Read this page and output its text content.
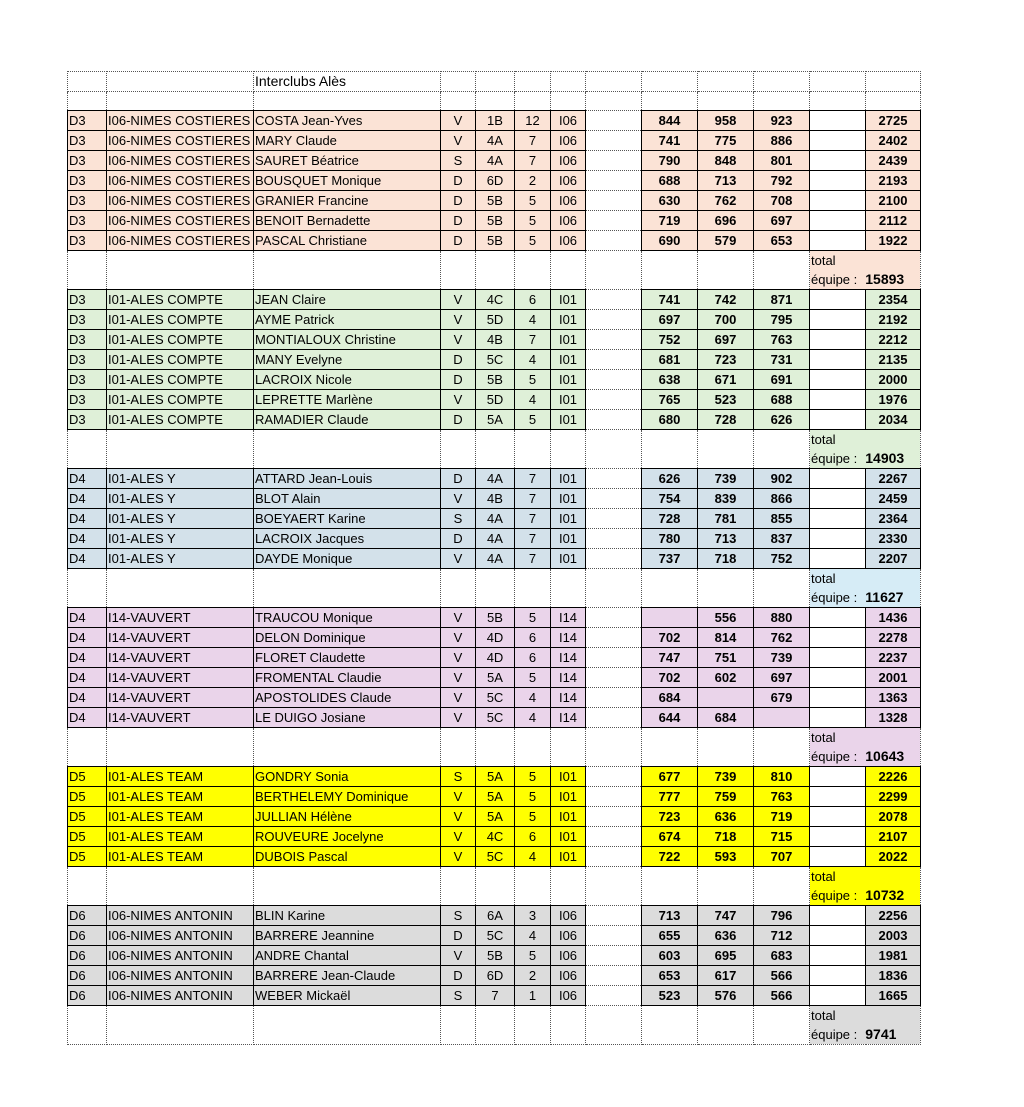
		Interclubs Alès										

D3	I06-NIMES COSTIERES	COSTA Jean-Yves	V	1B	12	I06		844	958	923		2725
D3	I06-NIMES COSTIERES	MARY Claude	V	4A	7	I06		741	775	886		2402
D3	I06-NIMES COSTIERES	SAURET Béatrice	S	4A	7	I06		790	848	801		2439
D3	I06-NIMES COSTIERES	BOUSQUET Monique	D	6D	2	I06		688	713	792		2193
D3	I06-NIMES COSTIERES	GRANIER Francine	D	5B	5	I06		630	762	708		2100
D3	I06-NIMES COSTIERES	BENOIT Bernadette	D	5B	5	I06		719	696	697		2112
D3	I06-NIMES COSTIERES	PASCAL Christiane	D	5B	5	I06		690	579	653		1922

											total
équipe : 15893	

D3	I01-ALES COMPTE	JEAN Claire	V	4C	6	I01		741	742	871		2354
D3	I01-ALES COMPTE	AYME Patrick	V	5D	4	I01		697	700	795		2192
D3	I01-ALES COMPTE	MONTIALOUX Christine	V	4B	7	I01		752	697	763		2212
D3	I01-ALES COMPTE	MANY Evelyne	D	5C	4	I01		681	723	731		2135
D3	I01-ALES COMPTE	LACROIX Nicole	D	5B	5	I01		638	671	691		2000
D3	I01-ALES COMPTE	LEPRETTE Marlène	V	5D	4	I01		765	523	688		1976
D3	I01-ALES COMPTE	RAMADIER Claude	D	5A	5	I01		680	728	626		2034

											total
équipe : 14903	

D4	I01-ALES Y	ATTARD Jean-Louis	D	4A	7	I01		626	739	902		2267
D4	I01-ALES Y	BLOT Alain	V	4B	7	I01		754	839	866		2459
D4	I01-ALES Y	BOEYAERT Karine	S	4A	7	I01		728	781	855		2364
D4	I01-ALES Y	LACROIX Jacques	D	4A	7	I01		780	713	837		2330
D4	I01-ALES Y	DAYDE Monique	V	4A	7	I01		737	718	752		2207

											total
équipe : 11627	

D4	I14-VAUVERT	TRAUCOU Monique	V	5B	5	I14			556	880		1436
D4	I14-VAUVERT	DELON Dominique	V	4D	6	I14		702	814	762		2278
D4	I14-VAUVERT	FLORET Claudette	V	4D	6	I14		747	751	739		2237
D4	I14-VAUVERT	FROMENTAL Claudie	V	5A	5	I14		702	602	697		2001
D4	I14-VAUVERT	APOSTOLIDES Claude	V	5C	4	I14		684		679		1363
D4	I14-VAUVERT	LE DUIGO Josiane	V	5C	4	I14		644	684			1328

											total
équipe : 10643	

D5	I01-ALES TEAM	GONDRY Sonia	S	5A	5	I01		677	739	810		2226
D5	I01-ALES TEAM	BERTHELEMY Dominique	V	5A	5	I01		777	759	763		2299
D5	I01-ALES TEAM	JULLIAN Hélène	V	5A	5	I01		723	636	719		2078
D5	I01-ALES TEAM	ROUVEURE Jocelyne	V	4C	6	I01		674	718	715		2107
D5	I01-ALES TEAM	DUBOIS Pascal	V	5C	4	I01		722	593	707		2022

											total
équipe : 10732	

D6	I06-NIMES ANTONIN	BLIN Karine	S	6A	3	I06		713	747	796		2256
D6	I06-NIMES ANTONIN	BARRERE Jeannine	D	5C	4	I06		655	636	712		2003
D6	I06-NIMES ANTONIN	ANDRE Chantal	V	5B	5	I06		603	695	683		1981
D6	I06-NIMES ANTONIN	BARRERE Jean-Claude	D	6D	2	I06		653	617	566		1836
D6	I06-NIMES ANTONIN	WEBER Mickaël	S	7	1	I06		523	576	566		1665

											total
équipe : 9741	
